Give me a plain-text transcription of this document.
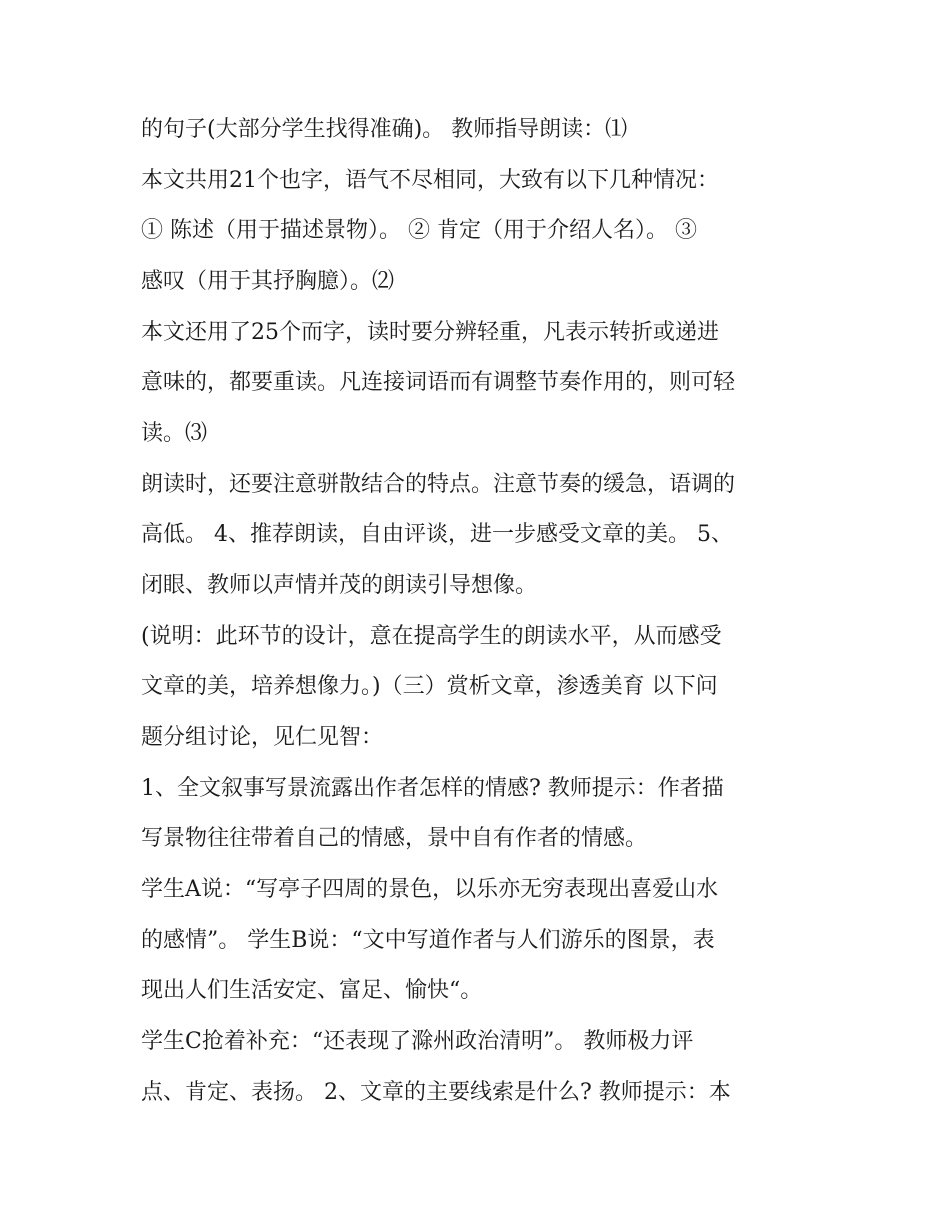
的句子(大部分学生找得准确)。 教师指导朗读：⑴
本文共用21个也字，语气不尽相同，大致有以下几种情况：
① 陈述（用于描述景物）。 ② 肯定（用于介绍人名）。 ③
感叹（用于其抒胸臆）。⑵
本文还用了25个而字，读时要分辨轻重，凡表示转折或递进
意味的，都要重读。凡连接词语而有调整节奏作用的，则可轻
读。⑶
朗读时，还要注意骈散结合的特点。注意节奏的缓急，语调的
高低。 4、推荐朗读，自由评谈，进一步感受文章的美。 5、
闭眼、教师以声情并茂的朗读引导想像。
(说明：此环节的设计，意在提高学生的朗读水平，从而感受
文章的美，培养想像力。)（三）赏析文章，渗透美育 以下问
题分组讨论，见仁见智：
1、全文叙事写景流露出作者怎样的情感? 教师提示：作者描
写景物往往带着自己的情感，景中自有作者的情感。
学生A说：“写亭子四周的景色，以乐亦无穷表现出喜爱山水
的感情”。 学生B说：“文中写道作者与人们游乐的图景，表
现出人们生活安定、富足、愉快“。
学生C抢着补充：“还表现了滁州政治清明”。 教师极力评
点、肯定、表扬。 2、文章的主要线索是什么? 教师提示：本
